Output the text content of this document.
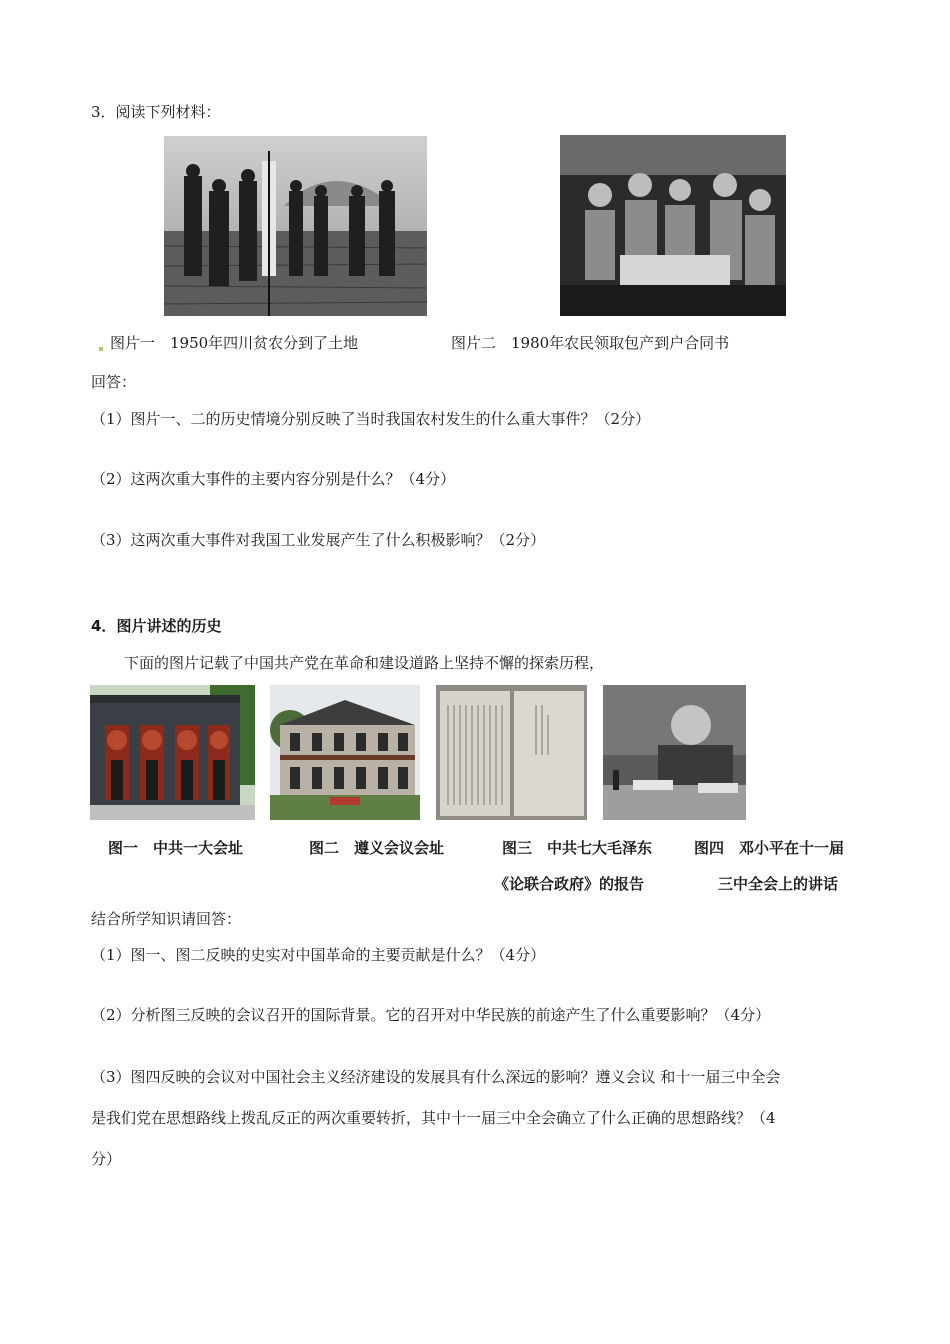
3．阅读下列材料：
图片一　1950年四川贫农分到了土地	图片二　1980年农民领取包产到户合同书
回答：
（1）图片一、二的历史情境分别反映了当时我国农村发生的什么重大事件？（2分）
（2）这两次重大事件的主要内容分别是什么？（4分）
（3）这两次重大事件对我国工业发展产生了什么积极影响？（2分）
4．图片讲述的历史
下面的图片记载了中国共产党在革命和建设道路上坚持不懈的探索历程，
图一　中共一大会址	图二　遵义会议会址	图三　中共七大毛泽东	图四　邓小平在十一届
《论联合政府》的报告	三中全会上的讲话
结合所学知识请回答：
（1）图一、图二反映的史实对中国革命的主要贡献是什么？（4分）
（2）分析图三反映的会议召开的国际背景。它的召开对中华民族的前途产生了什么重要影响？（4分）
（3）图四反映的会议对中国社会主义经济建设的发展具有什么深远的影响？遵义会议 和十一届三中全会
是我们党在思想路线上拨乱反正的两次重要转折，其中十一届三中全会确立了什么正确的思想路线？（4
分）
